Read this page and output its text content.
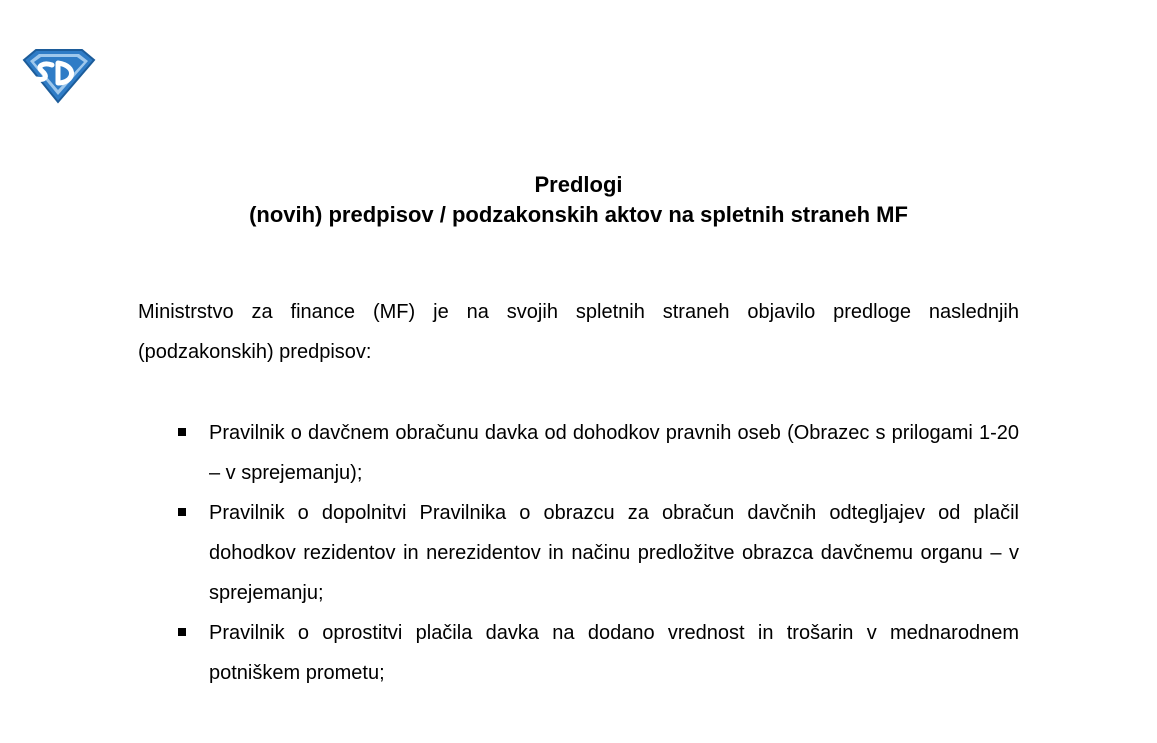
Predlogi
(novih) predpisov / podzakonskih aktov na spletnih straneh MF

Ministrstvo za finance (MF) je na svojih spletnih straneh objavilo predloge naslednjih (podzakonskih) predpisov:

Pravilnik o davčnem obračunu davka od dohodkov pravnih oseb (Obrazec s prilogami 1-20 – v sprejemanju);
Pravilnik o dopolnitvi Pravilnika o obrazcu za obračun davčnih odtegljajev od plačil dohodkov rezidentov in nerezidentov in načinu predložitve obrazca davčnemu organu – v sprejemanju;
Pravilnik o oprostitvi plačila davka na dodano vrednost in trošarin v mednarodnem potniškem prometu;
